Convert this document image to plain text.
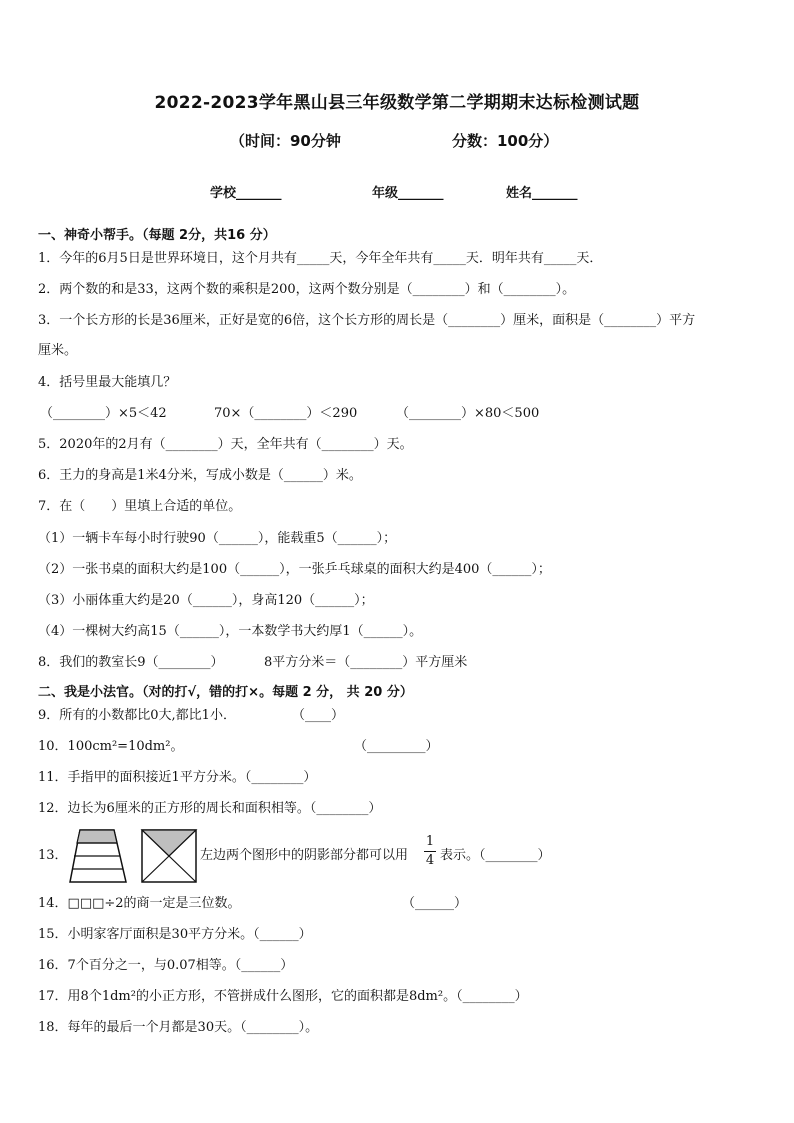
2022-2023学年黑山县三年级数学第二学期期末达标检测试题
（时间：90分钟	分数：100分）
学校_______	年级_______	姓名_______
一、神奇小帮手。（每题 2分，共16 分）
1．今年的6月5日是世界环境日，这个月共有_____天，今年全年共有_____天．明年共有_____天．
2．两个数的和是33，这两个数的乘积是200，这两个数分别是（________）和（________）。
3．一个长方形的长是36厘米，正好是宽的6倍，这个长方形的周长是（________）厘米，面积是（________）平方
厘米。
4．括号里最大能填几？
（________）×5＜42	70×（________）＜290	（________）×80＜500
5．2020年的2月有（________）天，全年共有（________）天。
6．王力的身高是1米4分米，写成小数是（______）米。
7．在（　　）里填上合适的单位。
（1）一辆卡车每小时行驶90（______），能载重5（______）；
（2）一张书桌的面积大约是100（______），一张乒乓球桌的面积大约是400（______）；
（3）小丽体重大约是20（______），身高120（______）；
（4）一棵树大约高15（______），一本数学书大约厚1（______）。
8．我们的教室长9（________）	8平方分米＝（________）平方厘米
二、我是小法官。（对的打√，错的打×。每题 2 分， 共 20 分）
9．所有的小数都比0大,都比1小．	（____）
10．100cm²=10dm²。	（_________）
11．手指甲的面积接近1平方分米。（________）
12．边长为6厘米的正方形的周长和面积相等。（________）
13．	左边两个图形中的阴影部分都可以用
1
4 表示。（________）
14．□□□÷2的商一定是三位数。	（______）
15．小明家客厅面积是30平方分米。（______）
16．7个百分之一，与0.07相等。（______）
17．用8个1dm²的小正方形，不管拼成什么图形，它的面积都是8dm²。（________）
18．每年的最后一个月都是30天。（________）。
